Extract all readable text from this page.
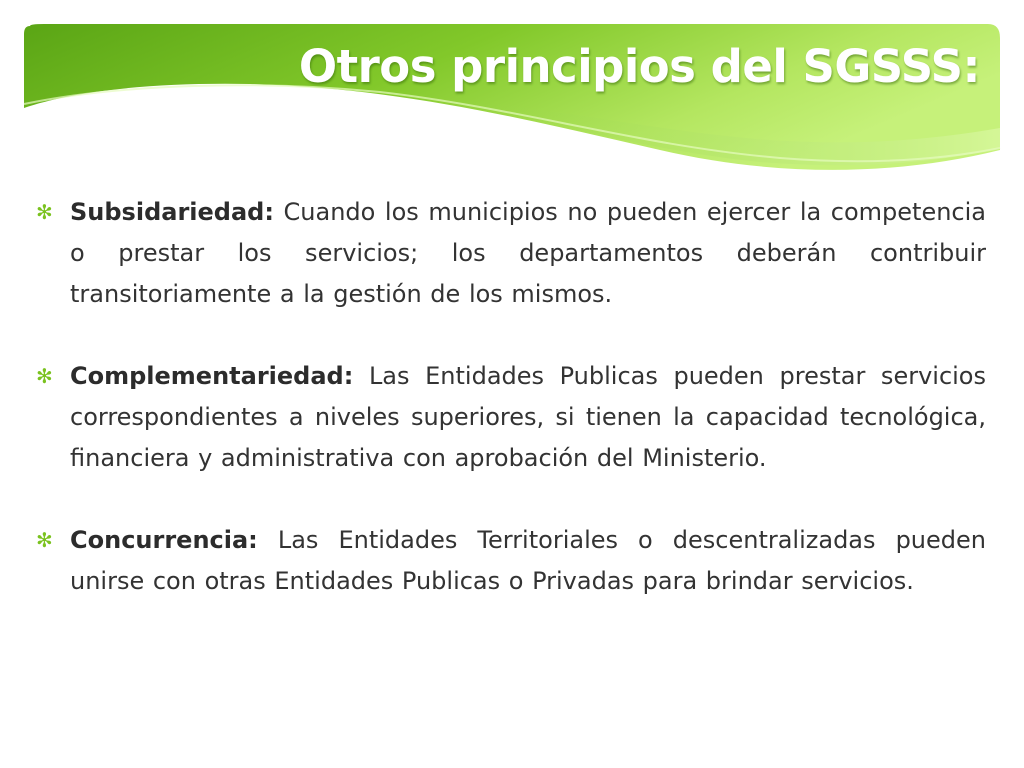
Otros principios del SGSSS:

✻ Subsidariedad: Cuando los municipios no pueden ejercer la competencia o prestar los servicios; los departamentos deberán contribuir transitoriamente a la gestión de los mismos.

✻ Complementariedad: Las Entidades Publicas pueden prestar servicios correspondientes a niveles superiores, si tienen la capacidad tecnológica, financiera y administrativa con aprobación del Ministerio.

✻ Concurrencia: Las Entidades Territoriales o descentralizadas pueden unirse con otras Entidades Publicas o Privadas para brindar servicios.
